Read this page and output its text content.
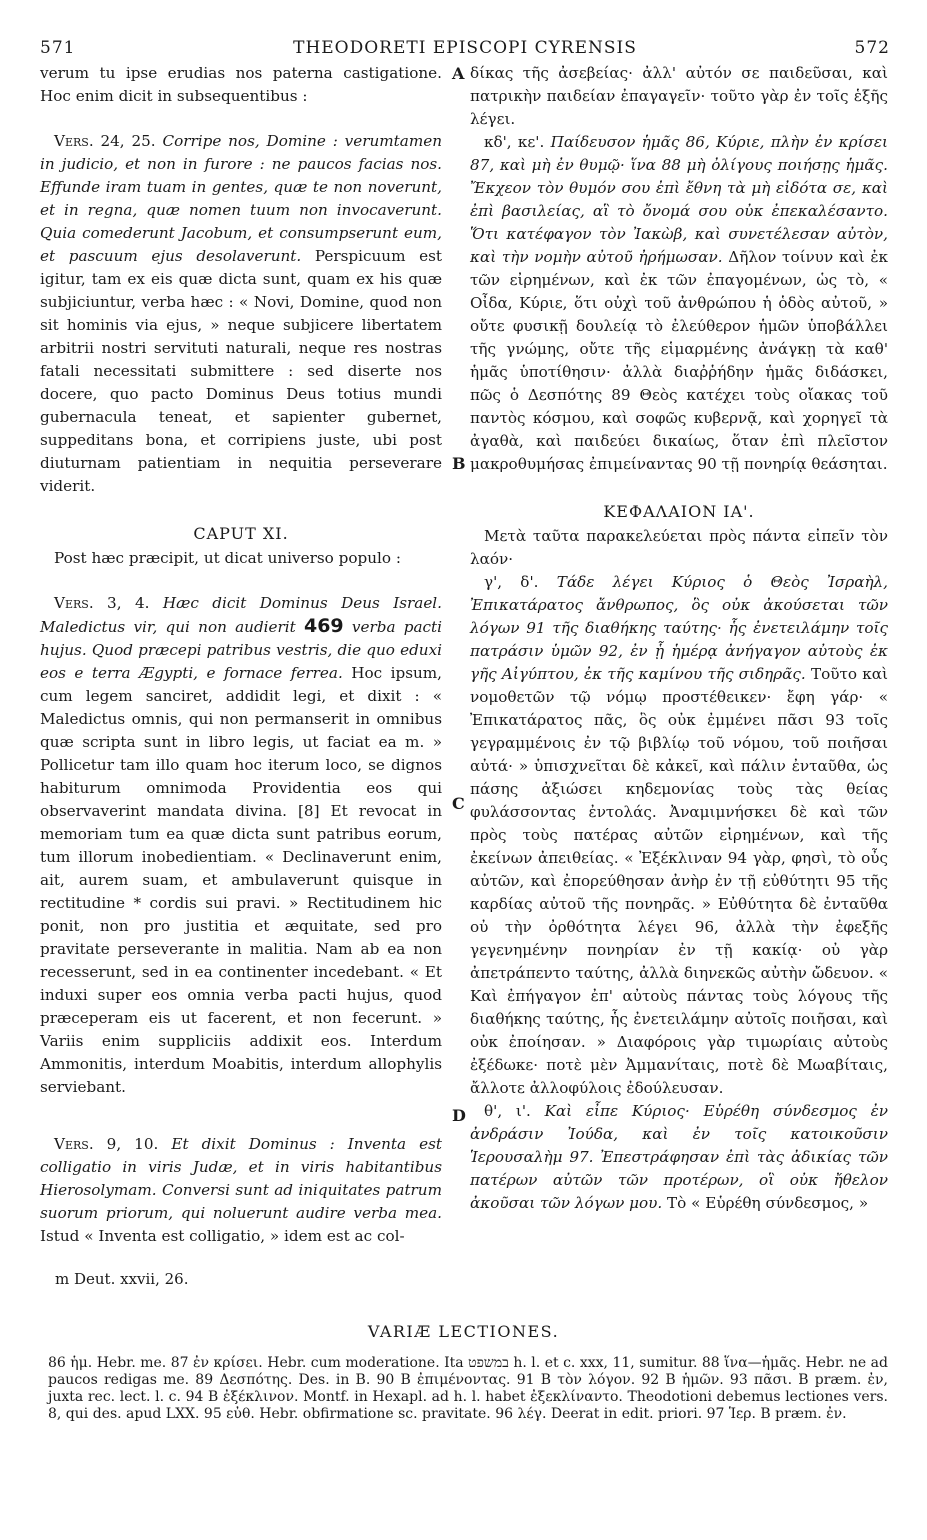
571	THEODORETI EPISCOPI CYRENSIS	572
A
B
C
D

verum tu ipse erudias nos paterna castigatione. Hoc enim dicit in subsequentibus :

Vers. 24, 25. Corripe nos, Domine : verumtamen in judicio, et non in furore : ne paucos facias nos. Effunde iram tuam in gentes, quæ te non noverunt, et in regna, quæ nomen tuum non invocaverunt. Quia comederunt Jacobum, et consumpserunt eum, et pascuum ejus desolaverunt. Perspicuum est igitur, tam ex eis quæ dicta sunt, quam ex his quæ subjiciuntur, verba hæc : « Novi, Domine, quod non sit hominis via ejus, » neque subjicere libertatem arbitrii nostri servituti naturali, neque res nostras fatali necessitati submittere : sed diserte nos docere, quo pacto Dominus Deus totius mundi gubernacula teneat, et sapienter gubernet, suppeditans bona, et corripiens juste, ubi post diuturnam patientiam in nequitia perseverare viderit.

CAPUT XI.

Post hæc præcipit, ut dicat universo populo :

Vers. 3, 4. Hæc dicit Dominus Deus Israel. Maledictus vir, qui non audierit 469 verba pacti hujus. Quod præcepi patribus vestris, die quo eduxi eos e terra Ægypti, e fornace ferrea. Hoc ipsum, cum legem sanciret, addidit legi, et dixit : « Maledictus omnis, qui non permanserit in omnibus quæ scripta sunt in libro legis, ut faciat ea m. » Pollicetur tam illo quam hoc iterum loco, se dignos habiturum omnimoda Providentia eos qui observaverint mandata divina. [8] Et revocat in memoriam tum ea quæ dicta sunt patribus eorum, tum illorum inobedientiam. « Declinaverunt enim, ait, aurem suam, et ambulaverunt quisque in rectitudine * cordis sui pravi. » Rectitudinem hic ponit, non pro justitia et æquitate, sed pro pravitate perseverante in malitia. Nam ab ea non recesserunt, sed in ea continenter incedebant. « Et induxi super eos omnia verba pacti hujus, quod præceperam eis ut facerent, et non fecerunt. » Variis enim suppliciis addixit eos. Interdum Ammonitis, interdum Moabitis, interdum allophylis serviebant.

Vers. 9, 10. Et dixit Dominus : Inventa est colligatio in viris Judæ, et in viris habitantibus Hierosolymam. Conversi sunt ad iniquitates patrum suorum priorum, qui noluerunt audire verba mea. Istud « Inventa est colligatio, » idem est ac col-

δίκας τῆς ἀσεβείας· ἀλλ' αὐτόν σε παιδεῦσαι, καὶ πατρικὴν παιδείαν ἐπαγαγεῖν· τοῦτο γὰρ ἐν τοῖς ἑξῆς λέγει.

κδ', κε'. Παίδευσον ἡμᾶς 86, Κύριε, πλὴν ἐν κρίσει 87, καὶ μὴ ἐν θυμῷ· ἵνα 88 μὴ ὀλίγους ποιήσῃς ἡμᾶς. Ἔκχεον τὸν θυμόν σου ἐπὶ ἔθνη τὰ μὴ εἰδότα σε, καὶ ἐπὶ βασιλείας, αἳ τὸ ὄνομά σου οὐκ ἐπεκαλέσαντο. Ὅτι κατέφαγον τὸν Ἰακὼβ, καὶ συνετέλεσαν αὐτὸν, καὶ τὴν νομὴν αὐτοῦ ἠρήμωσαν. Δῆλον τοίνυν καὶ ἐκ τῶν εἰρημένων, καὶ ἐκ τῶν ἐπαγομένων, ὡς τὸ, « Οἶδα, Κύριε, ὅτι οὐχὶ τοῦ ἀνθρώπου ἡ ὁδὸς αὐτοῦ, » οὔτε φυσικῇ δουλείᾳ τὸ ἐλεύθερον ἡμῶν ὑποβάλλει τῆς γνώμης, οὔτε τῆς εἱμαρμένης ἀνάγκῃ τὰ καθ' ἡμᾶς ὑποτίθησιν· ἀλλὰ διαῤῥήδην ἡμᾶς διδάσκει, πῶς ὁ Δεσπότης 89 Θεὸς κατέχει τοὺς οἴακας τοῦ παντὸς κόσμου, καὶ σοφῶς κυβερνᾷ, καὶ χορηγεῖ τὰ ἀγαθὰ, καὶ παιδεύει δικαίως, ὅταν ἐπὶ πλεῖστον μακροθυμήσας ἐπιμείναντας 90 τῇ πονηρίᾳ θεάσηται.

ΚΕΦΑΛΑΙΟΝ ΙΑ'.

Μετὰ ταῦτα παρακελεύεται πρὸς πάντα εἰπεῖν τὸν λαόν·

γ', δ'. Τάδε λέγει Κύριος ὁ Θεὸς Ἰσραὴλ, Ἐπικατάρατος ἄνθρωπος, ὃς οὐκ ἀκούσεται τῶν λόγων 91 τῆς διαθήκης ταύτης· ἧς ἐνετειλάμην τοῖς πατράσιν ὑμῶν 92, ἐν ᾗ ἡμέρᾳ ἀνήγαγον αὐτοὺς ἐκ γῆς Αἰγύπτου, ἐκ τῆς καμίνου τῆς σιδηρᾶς. Τοῦτο καὶ νομοθετῶν τῷ νόμῳ προστέθεικεν· ἔφη γάρ· « Ἐπικατάρατος πᾶς, ὃς οὐκ ἐμμένει πᾶσι 93 τοῖς γεγραμμένοις ἐν τῷ βιβλίῳ τοῦ νόμου, τοῦ ποιῆσαι αὐτά· » ὑπισχνεῖται δὲ κἀκεῖ, καὶ πάλιν ἐνταῦθα, ὡς πάσης ἀξιώσει κηδεμονίας τοὺς τὰς θείας φυλάσσοντας ἐντολάς. Ἀναμιμνήσκει δὲ καὶ τῶν πρὸς τοὺς πατέρας αὐτῶν εἰρημένων, καὶ τῆς ἐκείνων ἀπειθείας. « Ἐξέκλιναν 94 γὰρ, φησὶ, τὸ οὖς αὐτῶν, καὶ ἐπορεύθησαν ἀνὴρ ἐν τῇ εὐθύτητι 95 τῆς καρδίας αὐτοῦ τῆς πονηρᾶς. » Εὐθύτητα δὲ ἐνταῦθα οὐ τὴν ὀρθότητα λέγει 96, ἀλλὰ τὴν ἐφεξῆς γεγενημένην πονηρίαν ἐν τῇ κακίᾳ· οὐ γὰρ ἀπετράπεντο ταύτης, ἀλλὰ διηνεκῶς αὐτὴν ὤδευον. « Καὶ ἐπήγαγον ἐπ' αὐτοὺς πάντας τοὺς λόγους τῆς διαθήκης ταύτης, ἧς ἐνετειλάμην αὐτοῖς ποιῆσαι, καὶ οὐκ ἐποίησαν. » Διαφόροις γὰρ τιμωρίαις αὐτοὺς ἐξέδωκε· ποτὲ μὲν Ἀμμανίταις, ποτὲ δὲ Μωαβίταις, ἄλλοτε ἀλλοφύλοις ἐδούλευσαν.

θ', ι'. Καὶ εἶπε Κύριος· Εὑρέθη σύνδεσμος ἐν ἀνδράσιν Ἰούδα, καὶ ἐν τοῖς κατοικοῦσιν Ἱερουσαλὴμ 97. Ἐπεστράφησαν ἐπὶ τὰς ἀδικίας τῶν πατέρων αὐτῶν τῶν προτέρων, οἳ οὐκ ἤθελον ἀκοῦσαι τῶν λόγων μου. Τὸ « Εὑρέθη σύνδεσμος, »

m Deut. xxvii, 26.
VARIÆ LECTIONES.

86 ἡμ. Hebr. me. 87 ἐν κρίσει. Hebr. cum moderatione. Ita במשפט h. l. et c. xxx, 11, sumitur. 88 ἵνα—ἡμᾶς. Hebr. ne ad paucos redigas me. 89 Δεσπότης. Des. in B. 90 B ἐπιμένοντας. 91 B τὸν λόγον. 92 B ἡμῶν. 93 πᾶσι. B præm. ἐν, juxta rec. lect. l. c. 94 B ἐξέκλινον. Montf. in Hexapl. ad h. l. habet ἐξεκλίναντο. Theodotioni debemus lectiones vers. 8, qui des. apud LXX. 95 εὐθ. Hebr. obfirmatione sc. pravitate. 96 λέγ. Deerat in edit. priori. 97 Ἱερ. B præm. ἐν.
